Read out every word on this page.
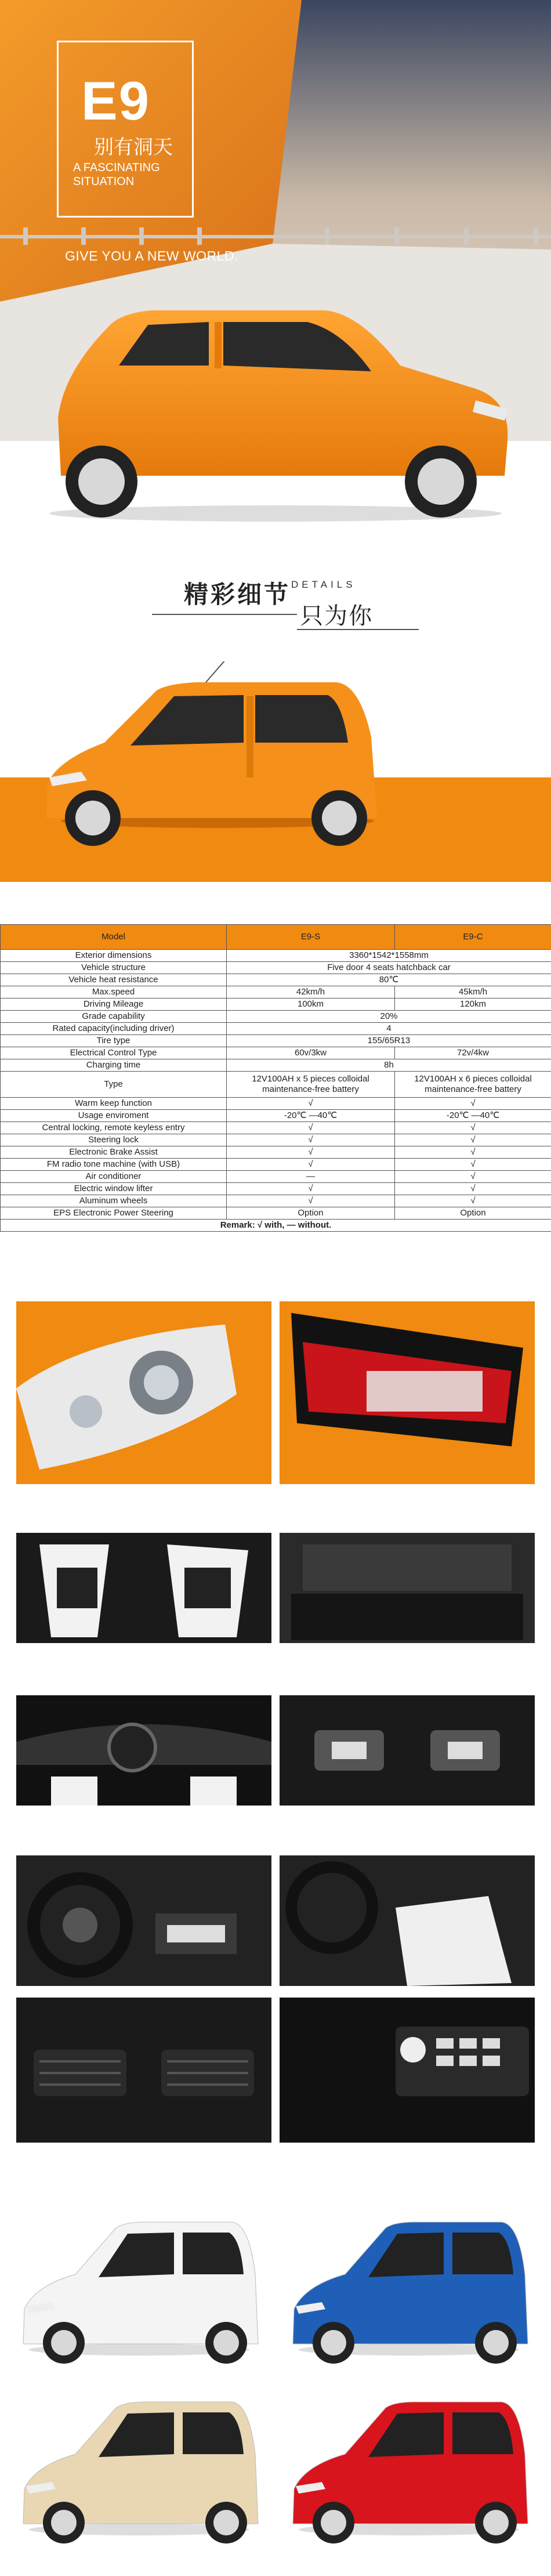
E9
别有洞天
A FASCINATING
SITUATION
GIVE YOU A NEW WORLD.
精彩细节 DETAILS
只为你
Model	E9-S	E9-C
Exterior dimensions	3360*1542*1558mm	
Vehicle structure	Five door 4 seats hatchback car	
Vehicle heat resistance	80℃	
Max.speed	42km/h	45km/h
Driving Mileage	100km	120km
Grade capability	20%	
Rated capacity(including driver)	4	
Tire type	155/65R13	
Electrical Control Type	60v/3kw	72v/4kw
Charging time	8h	
Type	12V100AH x 5 pieces colloidal maintenance-free battery	12V100AH x 6 pieces colloidal maintenance-free battery
Warm keep function	√	√
Usage enviroment	-20℃ —40℃	-20℃ —40℃
Central locking, remote keyless entry	√	√
Steering lock	√	√
Electronic Brake Assist	√	√
FM radio tone machine (with USB)	√	√
Air conditioner	—	√
Electric window lifter	√	√
Aluminum wheels	√	√
EPS Electronic Power Steering	Option	Option
Remark: √ with, — without.		
